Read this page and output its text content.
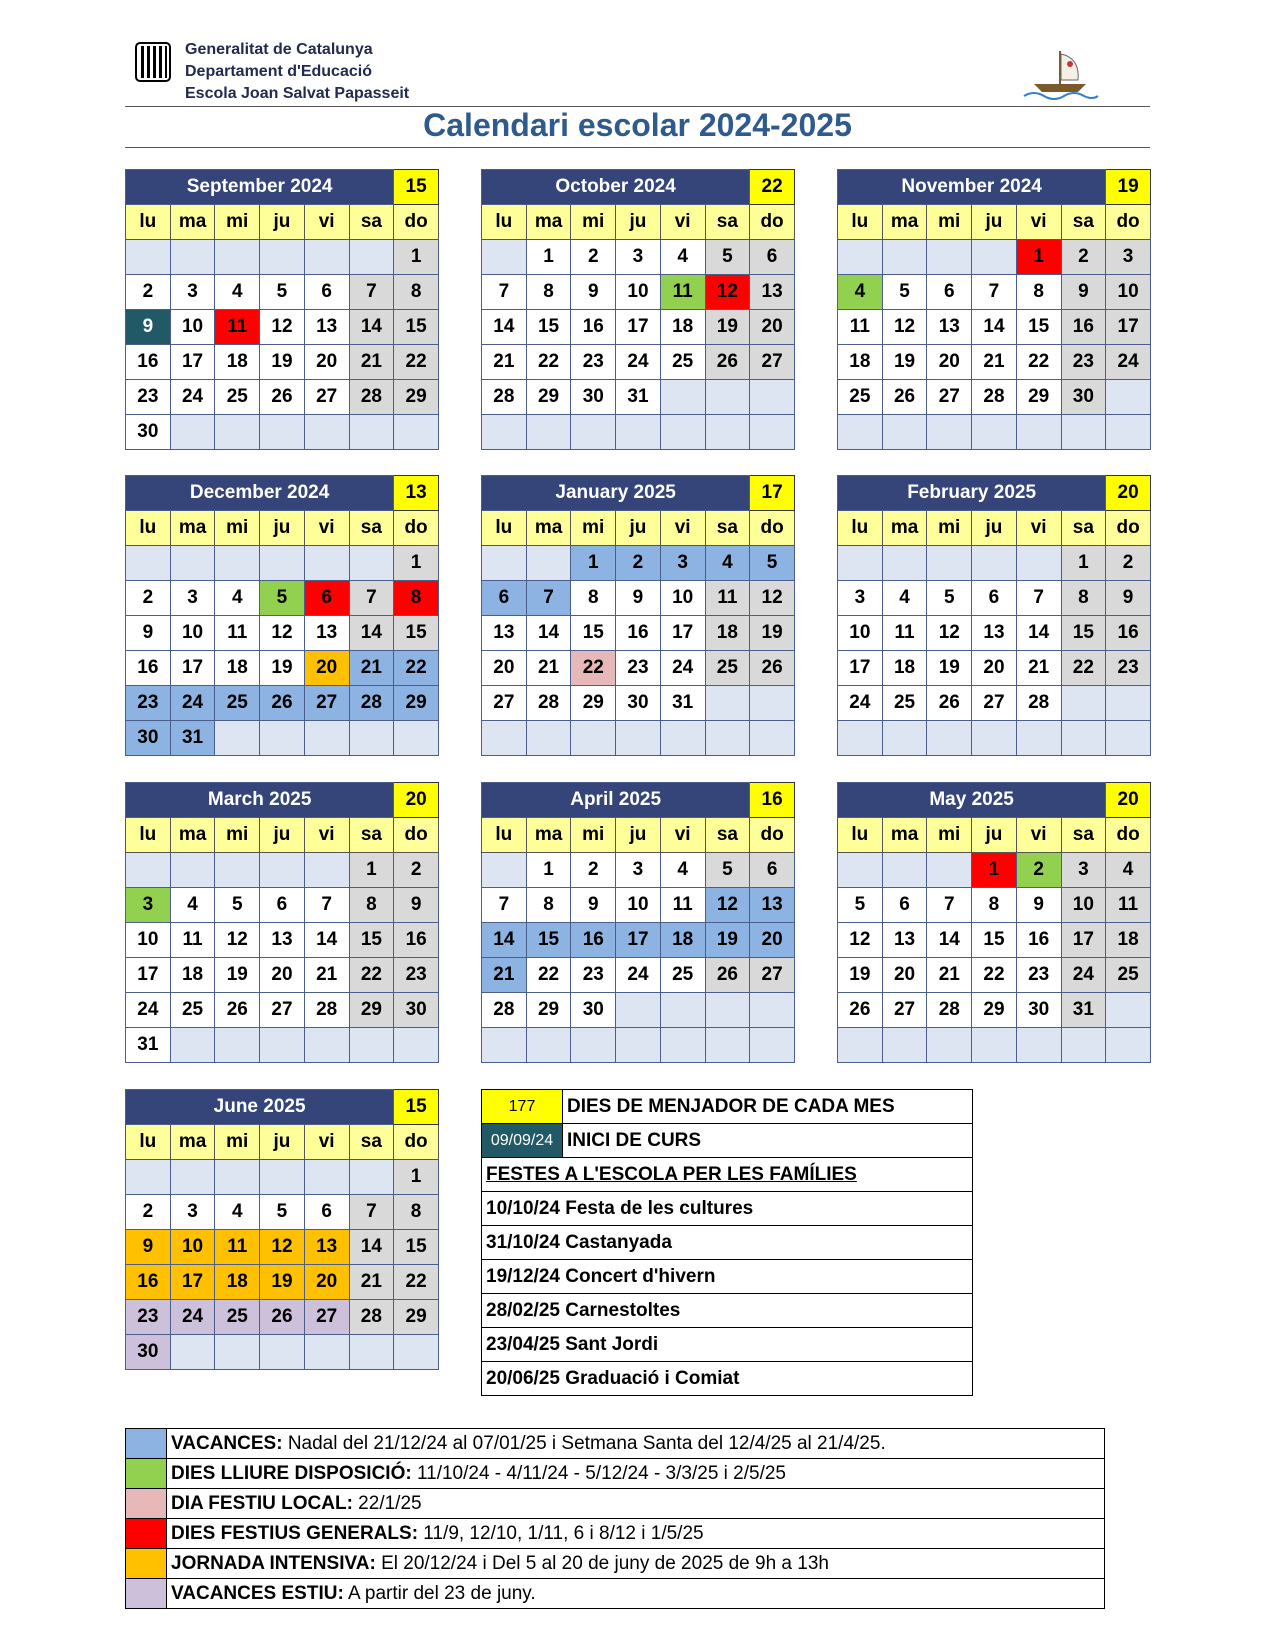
Generalitat de Catalunya
Departament d'Educació
Escola Joan Salvat Papasseit
Calendari escolar 2024-2025
September 2024						15
lu	ma	mi	ju	vi	sa	do
						1
2	3	4	5	6	7	8
9	10	11	12	13	14	15
16	17	18	19	20	21	22
23	24	25	26	27	28	29
30						
October 2024						22
lu	ma	mi	ju	vi	sa	do
	1	2	3	4	5	6
7	8	9	10	11	12	13
14	15	16	17	18	19	20
21	22	23	24	25	26	27
28	29	30	31			

November 2024						19
lu	ma	mi	ju	vi	sa	do
				1	2	3
4	5	6	7	8	9	10
11	12	13	14	15	16	17
18	19	20	21	22	23	24
25	26	27	28	29	30	

December 2024						13
lu	ma	mi	ju	vi	sa	do
						1
2	3	4	5	6	7	8
9	10	11	12	13	14	15
16	17	18	19	20	21	22
23	24	25	26	27	28	29
30	31					
January 2025						17
lu	ma	mi	ju	vi	sa	do
		1	2	3	4	5
6	7	8	9	10	11	12
13	14	15	16	17	18	19
20	21	22	23	24	25	26
27	28	29	30	31		

February 2025						20
lu	ma	mi	ju	vi	sa	do
					1	2
3	4	5	6	7	8	9
10	11	12	13	14	15	16
17	18	19	20	21	22	23
24	25	26	27	28		

March 2025						20
lu	ma	mi	ju	vi	sa	do
					1	2
3	4	5	6	7	8	9
10	11	12	13	14	15	16
17	18	19	20	21	22	23
24	25	26	27	28	29	30
31						
April 2025						16
lu	ma	mi	ju	vi	sa	do
	1	2	3	4	5	6
7	8	9	10	11	12	13
14	15	16	17	18	19	20
21	22	23	24	25	26	27
28	29	30				

May 2025						20
lu	ma	mi	ju	vi	sa	do
			1	2	3	4
5	6	7	8	9	10	11
12	13	14	15	16	17	18
19	20	21	22	23	24	25
26	27	28	29	30	31	

June 2025						15
lu	ma	mi	ju	vi	sa	do
						1
2	3	4	5	6	7	8
9	10	11	12	13	14	15
16	17	18	19	20	21	22
23	24	25	26	27	28	29
30						
177	DIES DE MENJADOR DE CADA MES
09/09/24	INICI DE CURS
FESTES A L'ESCOLA PER LES FAMÍLIES	
10/10/24 Festa de les cultures	
31/10/24 Castanyada	
19/12/24 Concert d'hivern	
28/02/25 Carnestoltes	
23/04/25 Sant Jordi	
20/06/25 Graduació i Comiat	
	VACANCES: Nadal del 21/12/24 al 07/01/25 i Setmana Santa del 12/4/25 al 21/4/25.
	DIES LLIURE DISPOSICIÓ: 11/10/24 - 4/11/24 - 5/12/24 - 3/3/25 i 2/5/25
	DIA FESTIU LOCAL: 22/1/25
	DIES FESTIUS GENERALS: 11/9, 12/10, 1/11, 6 i 8/12 i 1/5/25
	JORNADA INTENSIVA: El 20/12/24 i Del 5 al 20 de juny de 2025 de 9h a 13h
	VACANCES ESTIU: A partir del 23 de juny.
